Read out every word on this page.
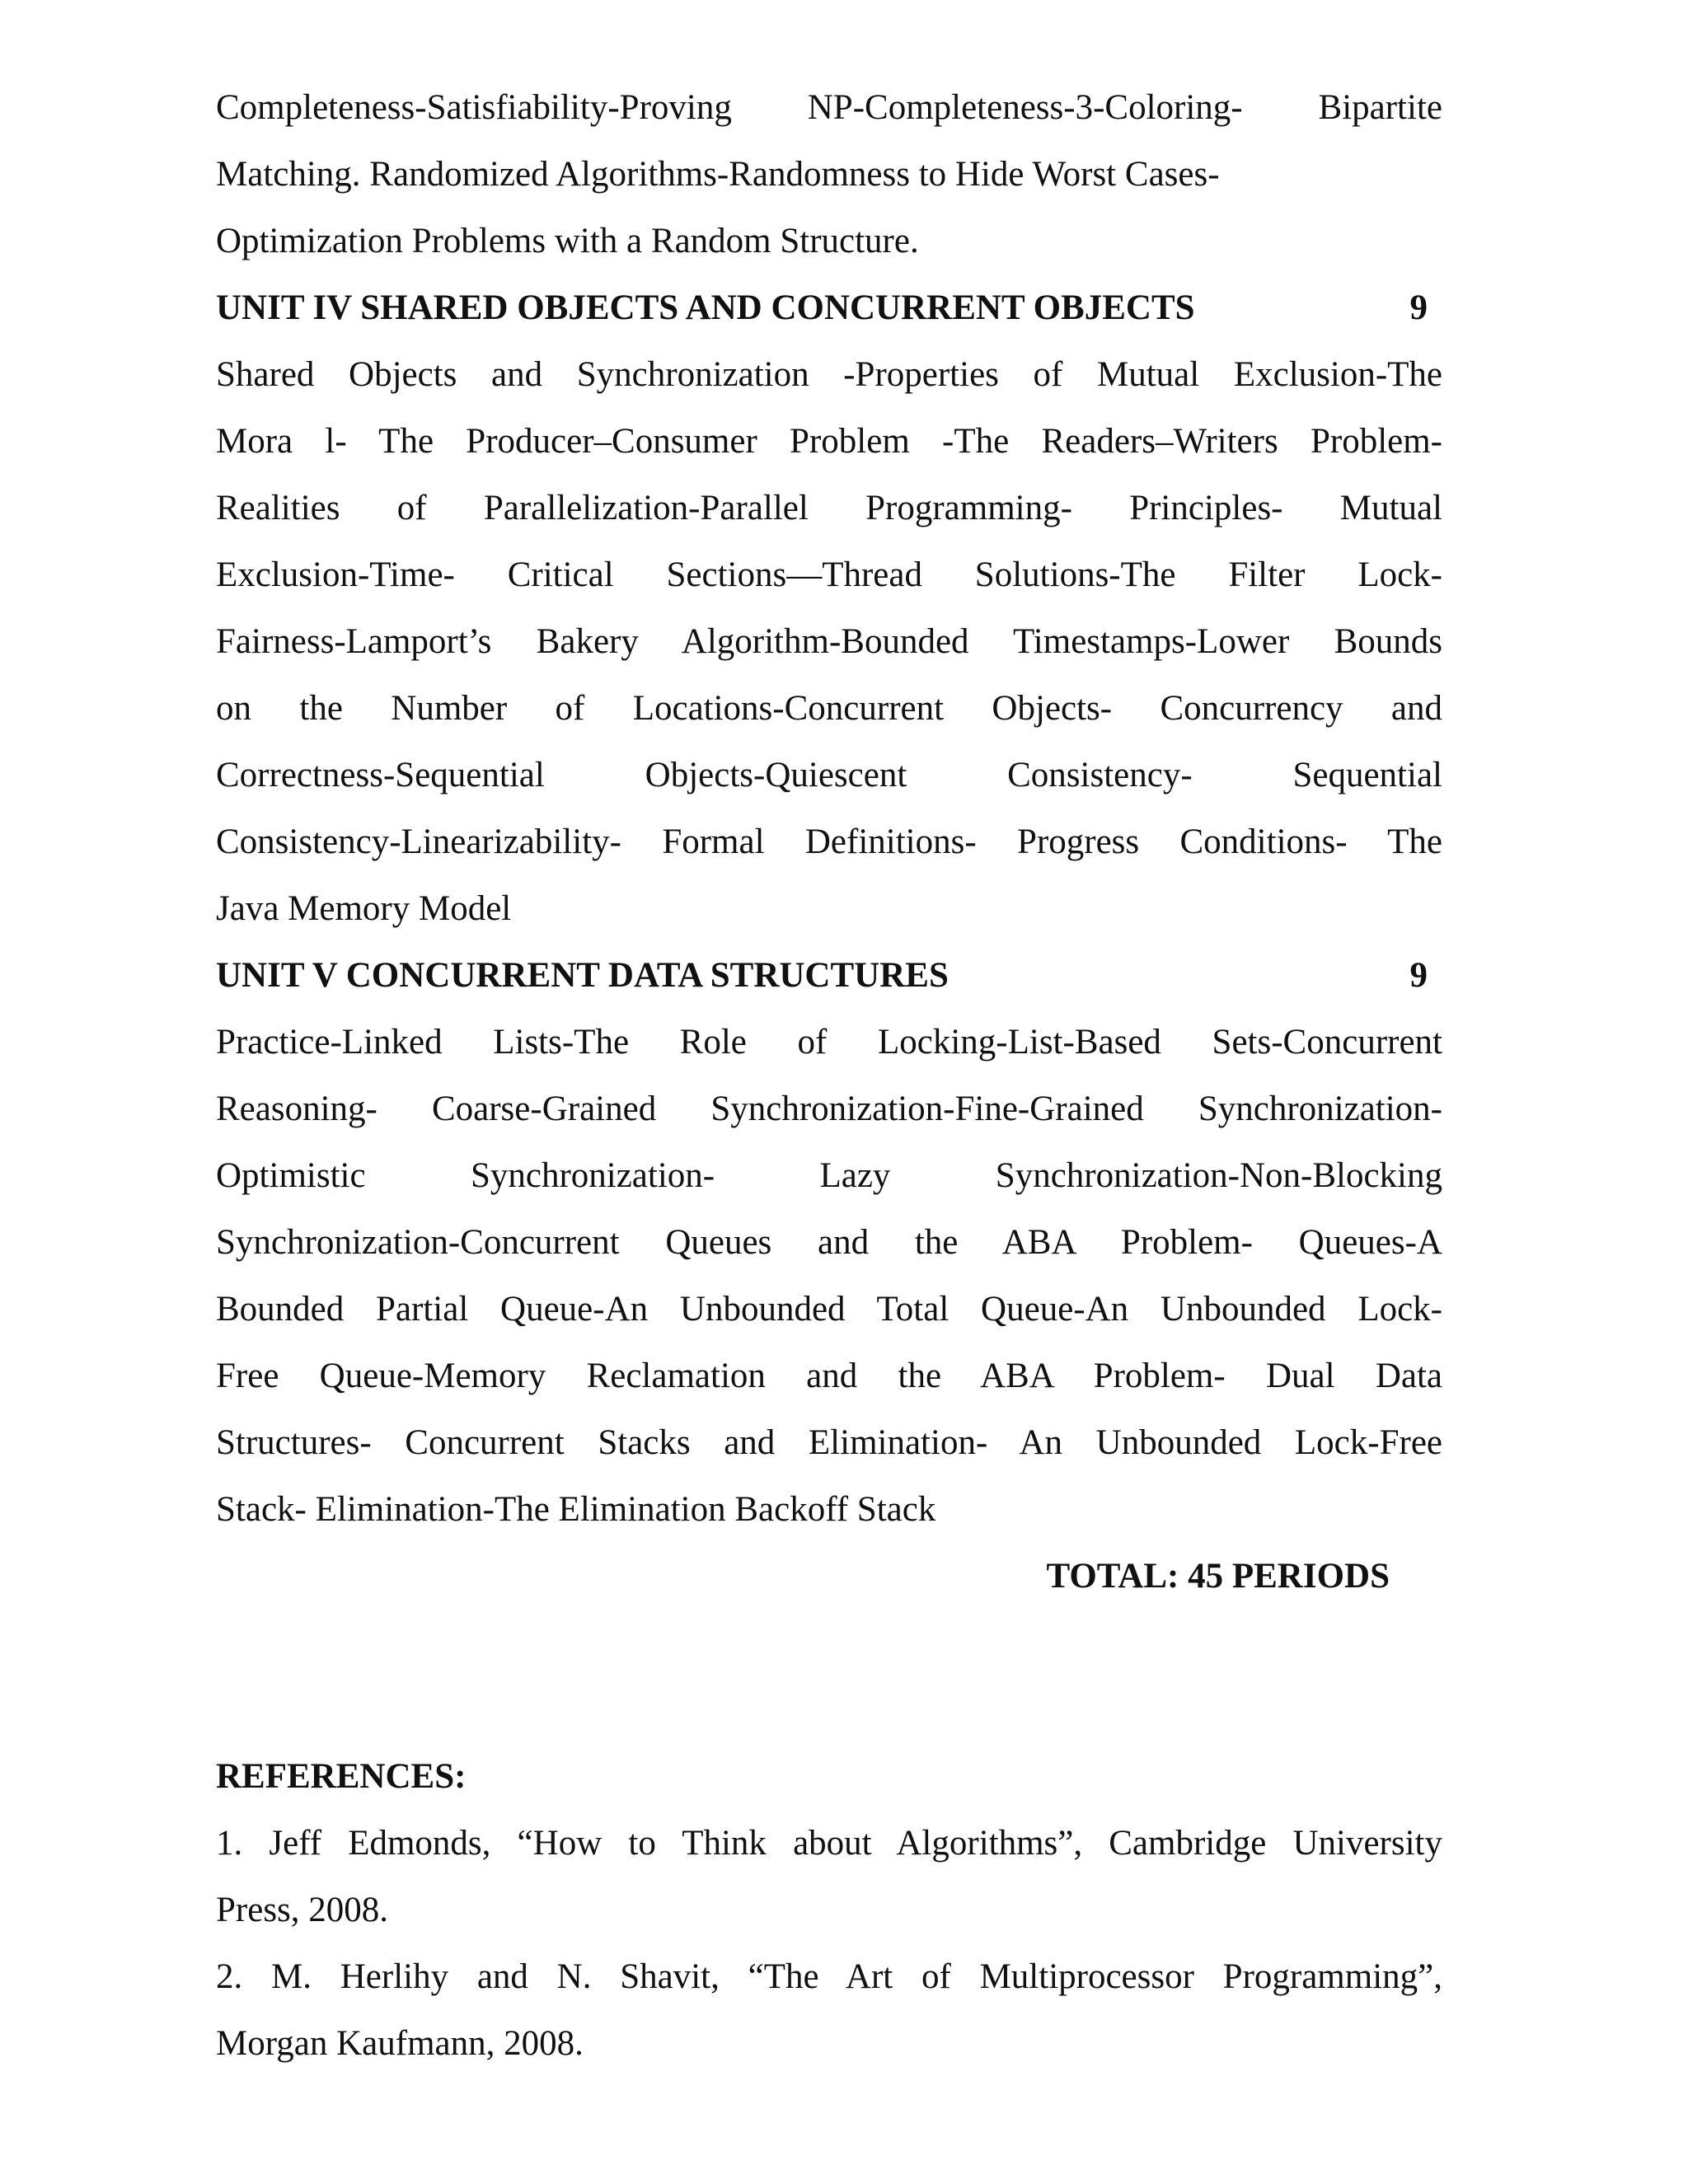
Completeness-Satisfiability-Proving NP-Completeness-3-Coloring- Bipartite
Matching. Randomized Algorithms-Randomness to Hide Worst Cases-
Optimization Problems with a Random Structure.
UNIT IV SHARED OBJECTS AND CONCURRENT OBJECTS	9
Shared Objects and Synchronization -Properties of Mutual Exclusion-The
Mora l- The Producer–Consumer Problem -The Readers–Writers Problem-
Realities of Parallelization-Parallel Programming- Principles- Mutual
Exclusion-Time- Critical Sections—Thread Solutions-The Filter Lock-
Fairness-Lamport’s Bakery Algorithm-Bounded Timestamps-Lower Bounds
on the Number of Locations-Concurrent Objects- Concurrency and
Correctness-Sequential Objects-Quiescent Consistency- Sequential
Consistency-Linearizability- Formal Definitions- Progress Conditions- The
Java Memory Model
UNIT V CONCURRENT DATA STRUCTURES	9
Practice-Linked Lists-The Role of Locking-List-Based Sets-Concurrent
Reasoning- Coarse-Grained Synchronization-Fine-Grained Synchronization-
Optimistic Synchronization- Lazy Synchronization-Non-Blocking
Synchronization-Concurrent Queues and the ABA Problem- Queues-A
Bounded Partial Queue-An Unbounded Total Queue-An Unbounded Lock-
Free Queue-Memory Reclamation and the ABA Problem- Dual Data
Structures- Concurrent Stacks and Elimination- An Unbounded Lock-Free
Stack- Elimination-The Elimination Backoff Stack
TOTAL: 45 PERIODS
REFERENCES:
1. Jeff Edmonds, “How to Think about Algorithms”, Cambridge University
Press, 2008.
2. M. Herlihy and N. Shavit, “The Art of Multiprocessor Programming”,
Morgan Kaufmann, 2008.
